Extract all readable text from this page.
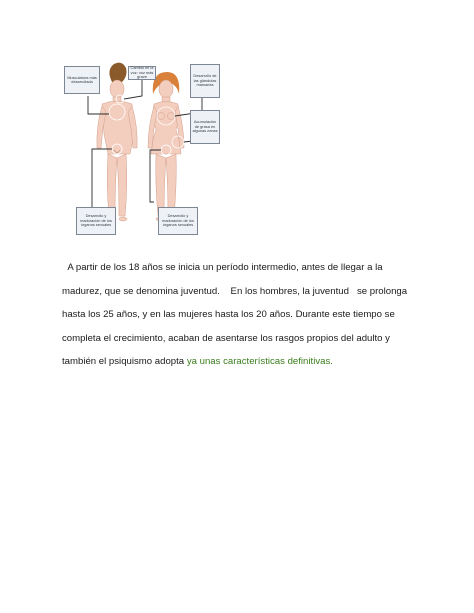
Musculatura más desarrollada
Cambio en la voz: voz más grave	Desarrollo de las glándulas mamarias
Acumulación de grasa en algunas zonas
Desarrollo y maduración de los órganos sexuales
Desarrollo y maduración de los órganos sexuales

A partir de los 18 años se inicia un período intermedio, antes de llegar a la madurez, que se denomina juventud. En los hombres, la juventud se prolonga hasta los 25 años, y en las mujeres hasta los 20 años. Durante este tiempo se completa el crecimiento, acaban de asentarse los rasgos propios del adulto y también el psiquismo adopta ya unas características definitivas.
